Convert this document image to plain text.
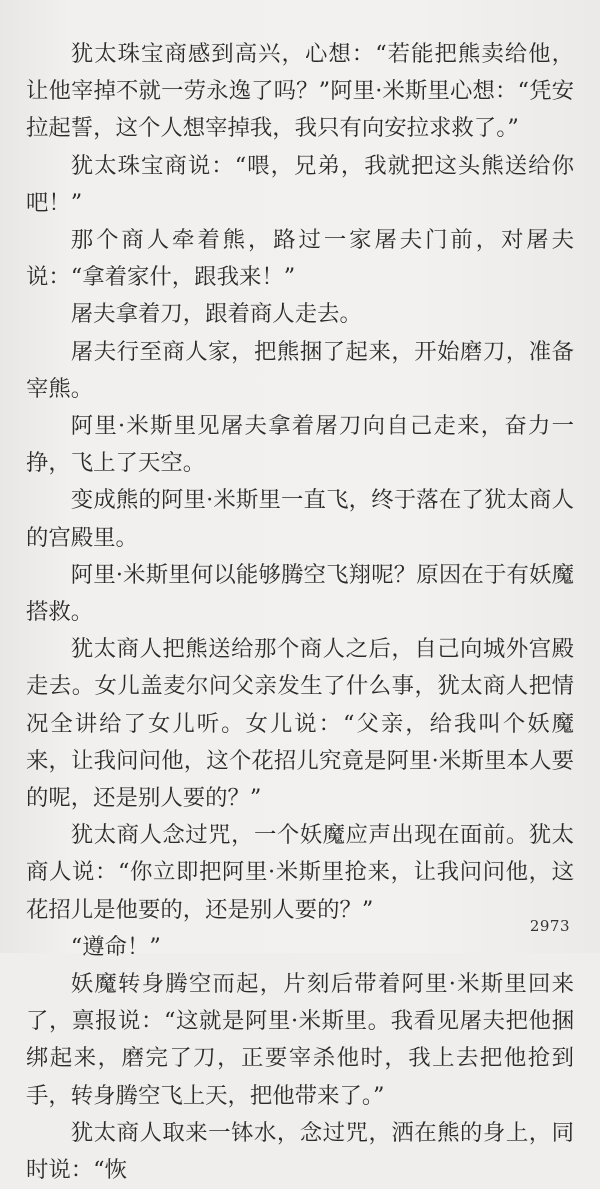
犹太珠宝商感到高兴，心想：“若能把熊卖给他，让他宰掉不就一劳永逸了吗？”阿里·米斯里心想：“凭安拉起誓，这个人想宰掉我，我只有向安拉求救了。”

犹太珠宝商说：“喂，兄弟，我就把这头熊送给你吧！”

那个商人牵着熊，路过一家屠夫门前，对屠夫说：“拿着家什，跟我来！”

屠夫拿着刀，跟着商人走去。

屠夫行至商人家，把熊捆了起来，开始磨刀，准备宰熊。

阿里·米斯里见屠夫拿着屠刀向自己走来，奋力一挣，飞上了天空。

变成熊的阿里·米斯里一直飞，终于落在了犹太商人的宫殿里。

阿里·米斯里何以能够腾空飞翔呢？原因在于有妖魔搭救。

犹太商人把熊送给那个商人之后，自己向城外宫殿走去。女儿盖麦尔问父亲发生了什么事，犹太商人把情况全讲给了女儿听。女儿说：“父亲，给我叫个妖魔来，让我问问他，这个花招儿究竟是阿里·米斯里本人要的呢，还是别人要的？”

犹太商人念过咒，一个妖魔应声出现在面前。犹太商人说：“你立即把阿里·米斯里抢来，让我问问他，这花招儿是他要的，还是别人要的？”

“遵命！”

妖魔转身腾空而起，片刻后带着阿里·米斯里回来了，禀报说：“这就是阿里·米斯里。我看见屠夫把他捆绑起来，磨完了刀，正要宰杀他时，我上去把他抢到手，转身腾空飞上天，把他带来了。”

犹太商人取来一钵水，念过咒，洒在熊的身上，同时说：“恢

2973
